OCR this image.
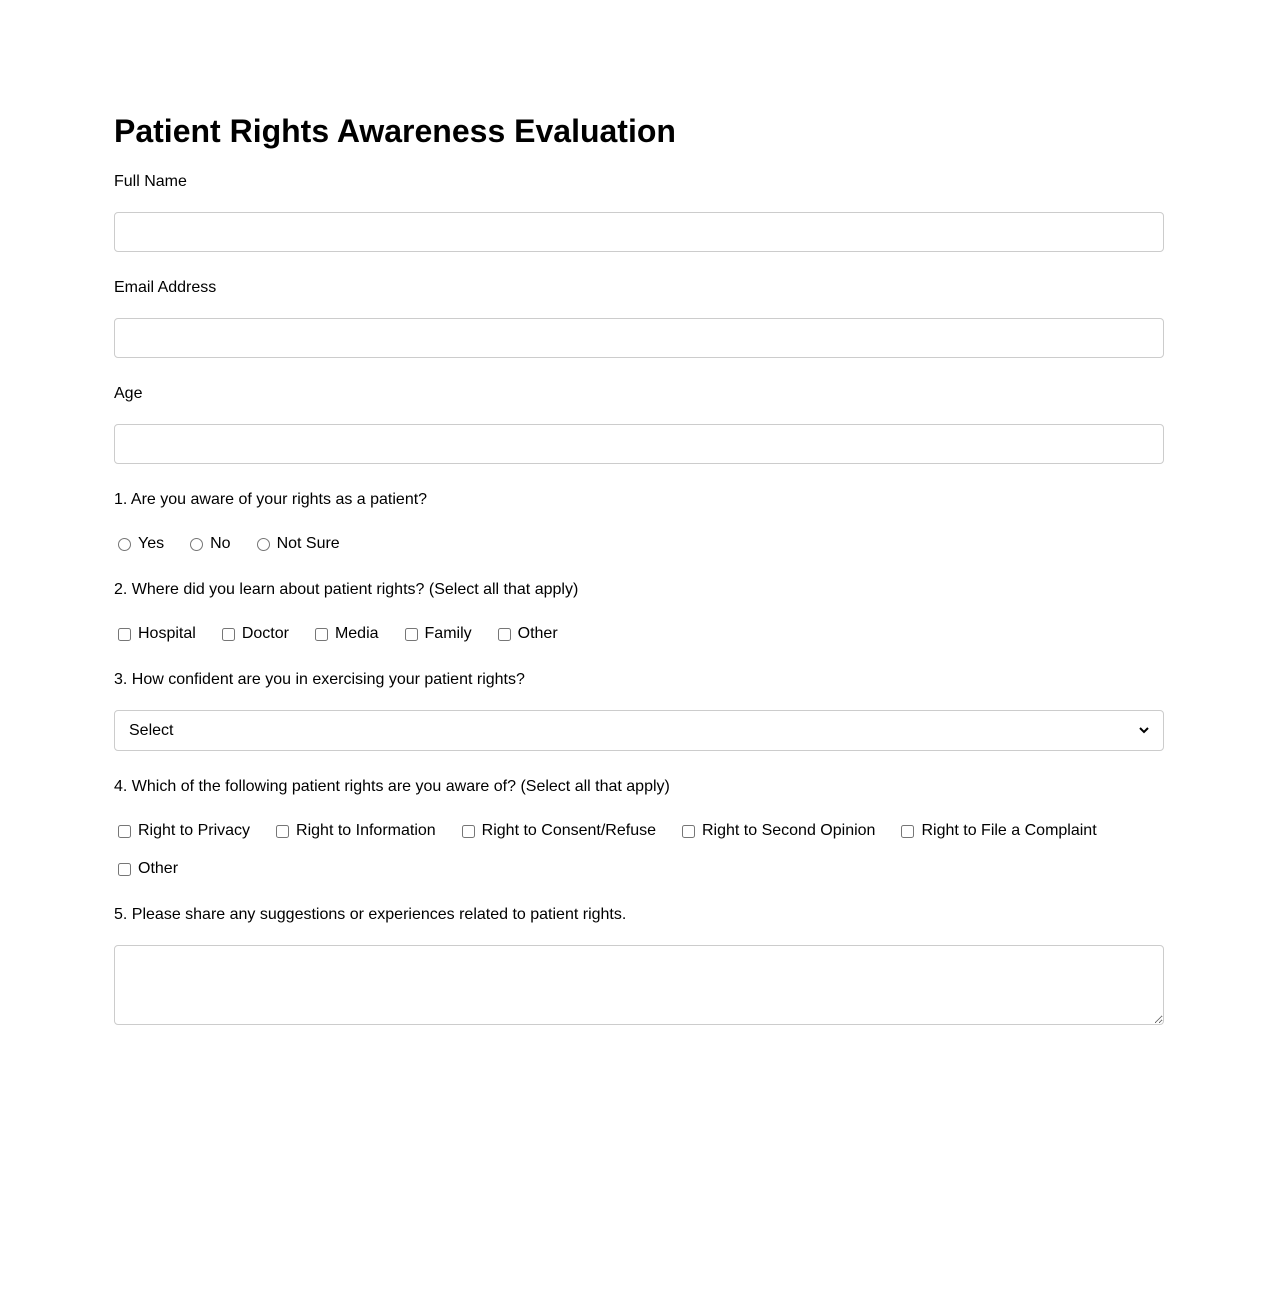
Patient Rights Awareness Evaluation
Full Name
Email Address
Age
1. Are you aware of your rights as a patient?
Yes	No	Not Sure
2. Where did you learn about patient rights? (Select all that apply)
Hospital	Doctor	Media	Family	Other
3. How confident are you in exercising your patient rights?
Select
4. Which of the following patient rights are you aware of? (Select all that apply)
Right to Privacy	Right to Information	Right to Consent/Refuse	Right to Second Opinion	Right to File a Complaint
Other
5. Please share any suggestions or experiences related to patient rights.
